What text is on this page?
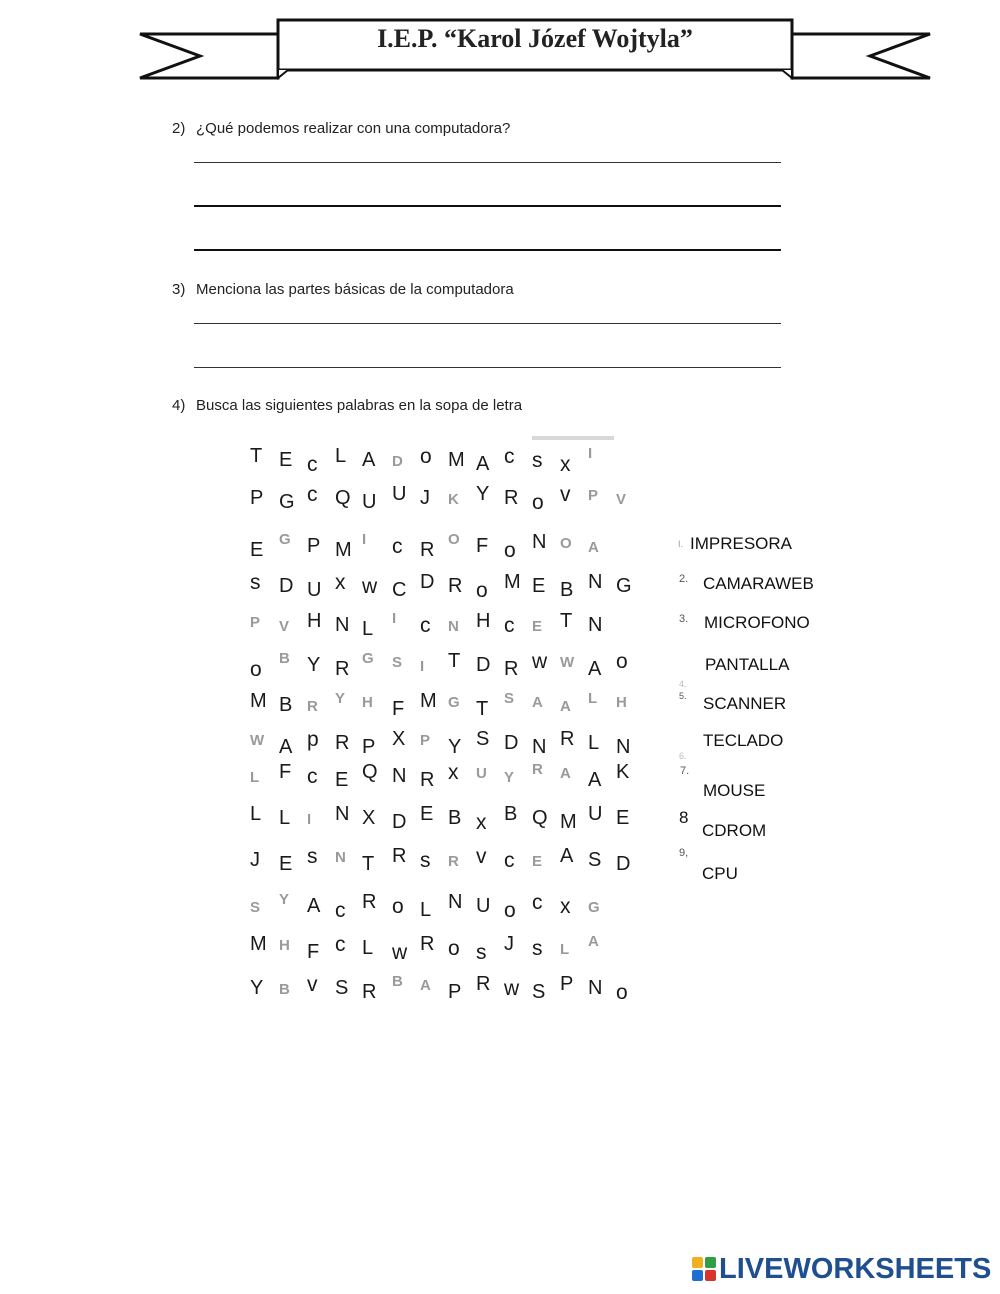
I.E.P. “Karol Józef Wojtyla”
2) ¿Qué podemos realizar con una computadora?
3) Menciona las partes básicas de la computadora
4) Busca las siguientes palabras en la sopa de letra
T E c L A D o M A c s x I
P G c Q U U J K Y R o v P V
E G P M I c R O F o N O A
s D U x w C D R o M E B N G
P V H N L I c N H c E T N
o B Y R G S I T D R w W A o
M B R Y H F M G T S A A L H
W A p R P X P Y S D N R L N
L F c E Q N R x U Y R A A K
L L I N X D E B x B Q M U E
J E s N T R s R v c E A S D
S Y A c R o L N U o c x G
M H F c L w R o s J s L A
Y B v S R B A P R w S P N o
I. IMPRESORA
2. CAMARAWEB
3. MICROFONO
4.
PANTALLA
5. SCANNER
6.
TECLADO
7.
MOUSE
8
CDROM
9,
CPU
LIVEWORKSHEETS
